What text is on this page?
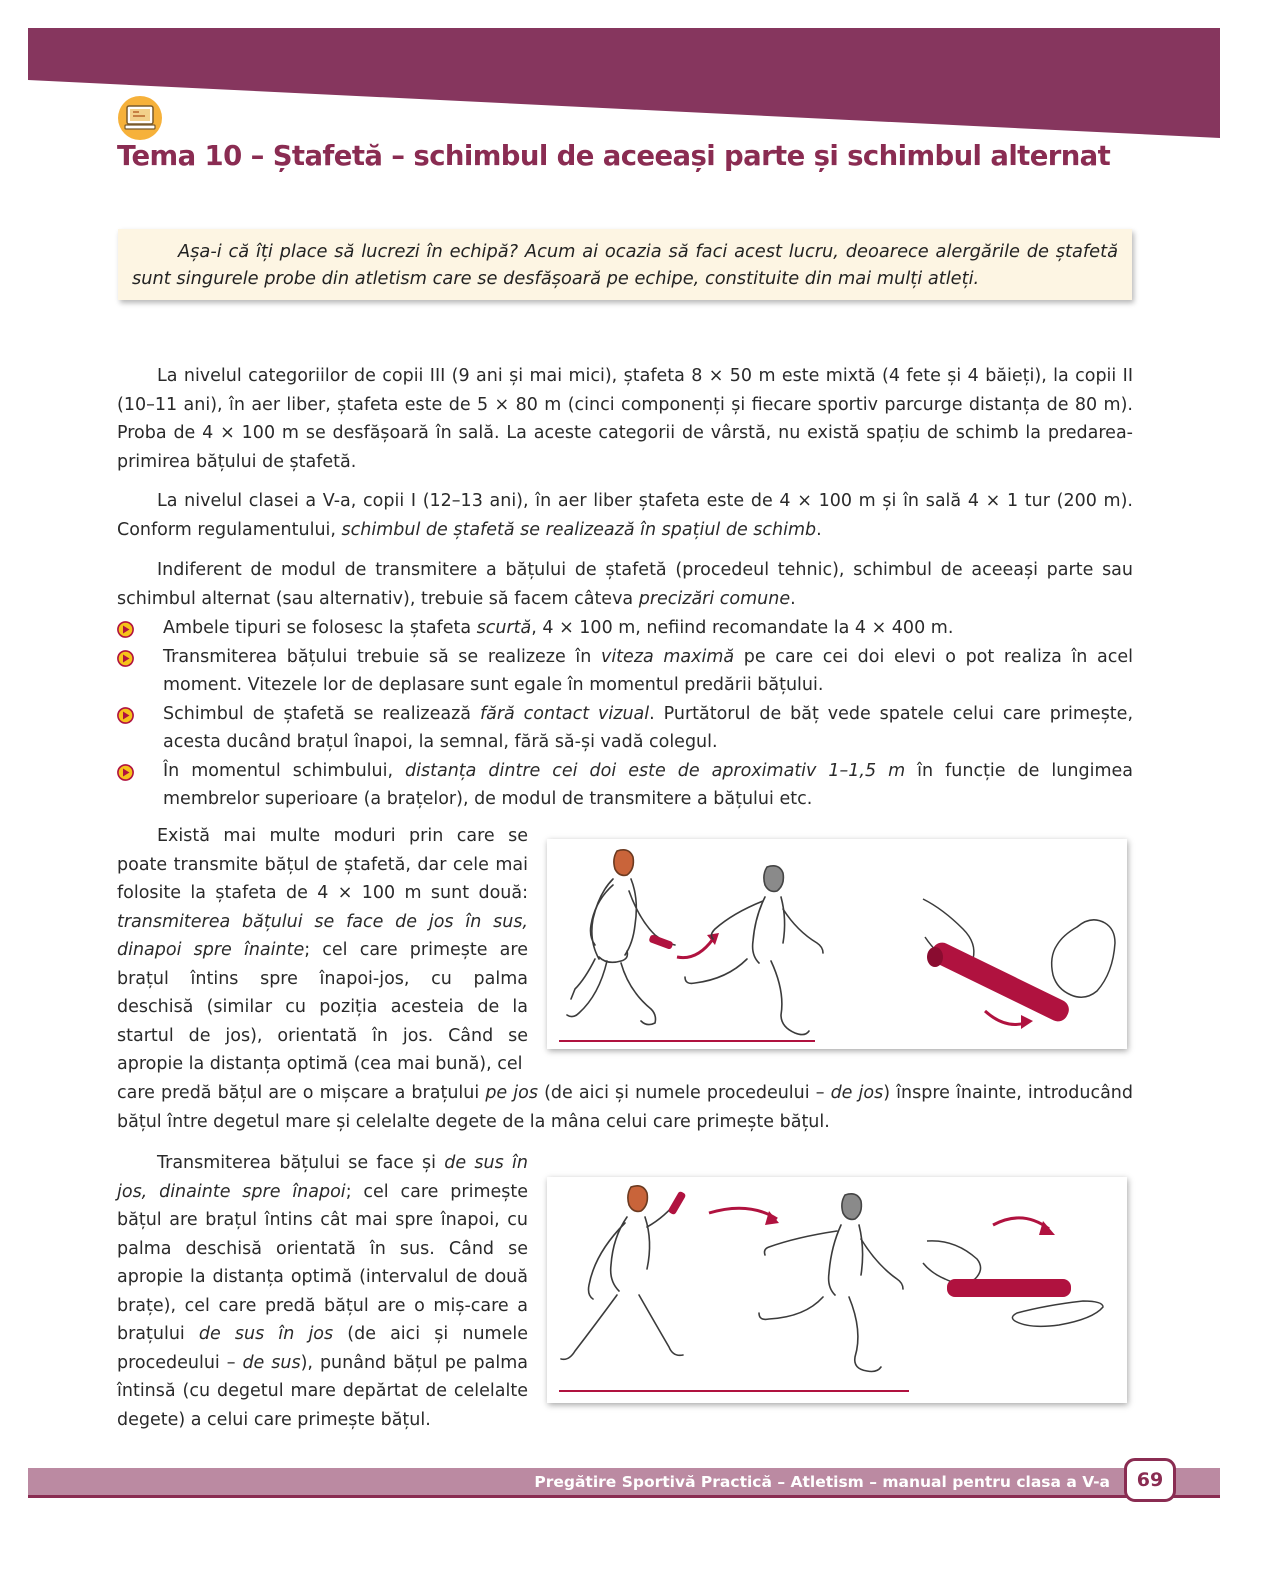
Tema 10 – Ștafetă – schimbul de aceeași parte și schimbul alternat

Așa-i că îți place să lucrezi în echipă? Acum ai ocazia să faci acest lucru, deoarece alergările de ștafetă sunt singurele probe din atletism care se desfășoară pe echipe, constituite din mai mulți atleți.

La nivelul categoriilor de copii III (9 ani și mai mici), ștafeta 8 × 50 m este mixtă (4 fete și 4 băieți), la copii II (10–11 ani), în aer liber, ștafeta este de 5 × 80 m (cinci componenți și fiecare sportiv parcurge distanța de 80 m). Proba de 4 × 100 m se desfășoară în sală. La aceste categorii de vârstă, nu există spațiu de schimb la predarea-primirea bățului de ștafetă.

La nivelul clasei a V-a, copii I (12–13 ani), în aer liber ștafeta este de 4 × 100 m și în sală 4 × 1 tur (200 m). Conform regulamentului, schimbul de ștafetă se realizează în spațiul de schimb.

Indiferent de modul de transmitere a bățului de ștafetă (procedeul tehnic), schimbul de aceeași parte sau schimbul alternat (sau alternativ), trebuie să facem câteva precizări comune.

Ambele tipuri se folosesc la ștafeta scurtă, 4 × 100 m, nefiind recomandate la 4 × 400 m.
Transmiterea bățului trebuie să se realizeze în viteza maximă pe care cei doi elevi o pot realiza în acel moment. Vitezele lor de deplasare sunt egale în momentul predării bățului.
Schimbul de ștafetă se realizează fără contact vizual. Purtătorul de băț vede spatele celui care primește, acesta ducând brațul înapoi, la semnal, fără să-și vadă colegul.
În momentul schimbului, distanța dintre cei doi este de aproximativ 1–1,5 m în funcție de lungimea membrelor superioare (a brațelor), de modul de transmitere a bățului etc.

Există mai multe moduri prin care se poate transmite bățul de ștafetă, dar cele mai folosite la ștafeta de 4 × 100 m sunt două: transmiterea bățului se face de jos în sus, dinapoi spre înainte; cel care primește are brațul întins spre înapoi-jos, cu palma deschisă (similar cu poziția acesteia de la startul de jos), orientată în jos. Când se apropie la distanța optimă (cea mai bună), cel

care predă bățul are o mișcare a brațului pe jos (de aici și numele procedeului – de jos) înspre înainte, introducând bățul între degetul mare și celelalte degete de la mâna celui care primește bățul.

Transmiterea bățului se face și de sus în jos, dinainte spre înapoi; cel care primește bățul are brațul întins cât mai spre înapoi, cu palma deschisă orientată în sus. Când se apropie la distanța optimă (intervalul de două brațe), cel care predă bățul are o miș-care a brațului de sus în jos (de aici și numele procedeului – de sus), punând bățul pe palma întinsă (cu degetul mare depărtat de celelalte degete) a celui care primește bățul.

Pregătire Sportivă Practică – Atletism – manual pentru clasa a V-a	69
